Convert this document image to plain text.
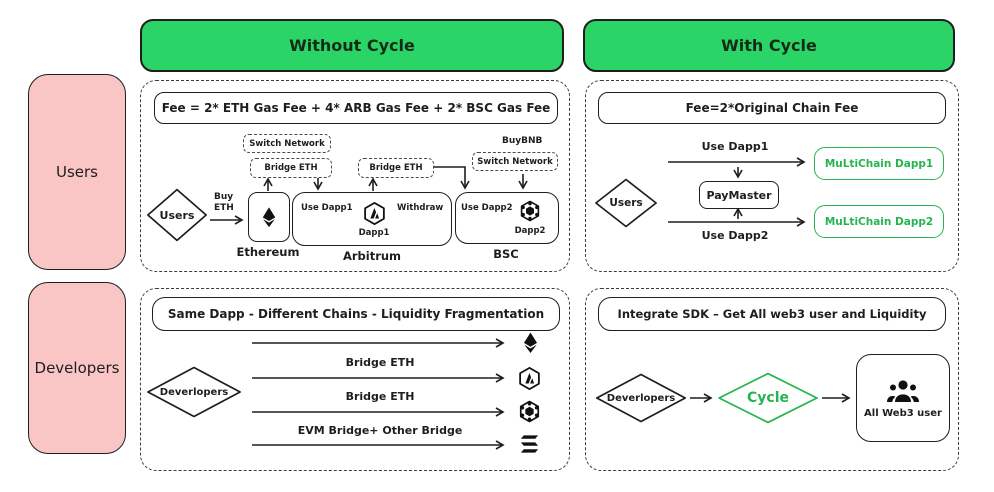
Without Cycle	With Cycle
Users
Developers
Fee = 2* ETH Gas Fee + 4* ARB Gas Fee + 2* BSC Gas Fee
Users
Buy
ETH
Switch Network
Bridge ETH	Bridge ETH
BuyBNB
Switch Network
Ethereum
Use Dapp1
Dapp1
Withdraw
Arbitrum
Use Dapp2
Dapp2
BSC
Fee=2*Original Chain Fee
Users
Use Dapp1
Use Dapp2
PayMaster
MuLtiChain Dapp1
MuLtiChain Dapp2
Same Dapp - Different Chains - Liquidity Fragmentation
Deverlopers
Bridge ETH
Bridge ETH
EVM Bridge+ Other Bridge
Integrate SDK – Get All web3 user and Liquidity
Deverlopers	Cycle
All Web3 user
